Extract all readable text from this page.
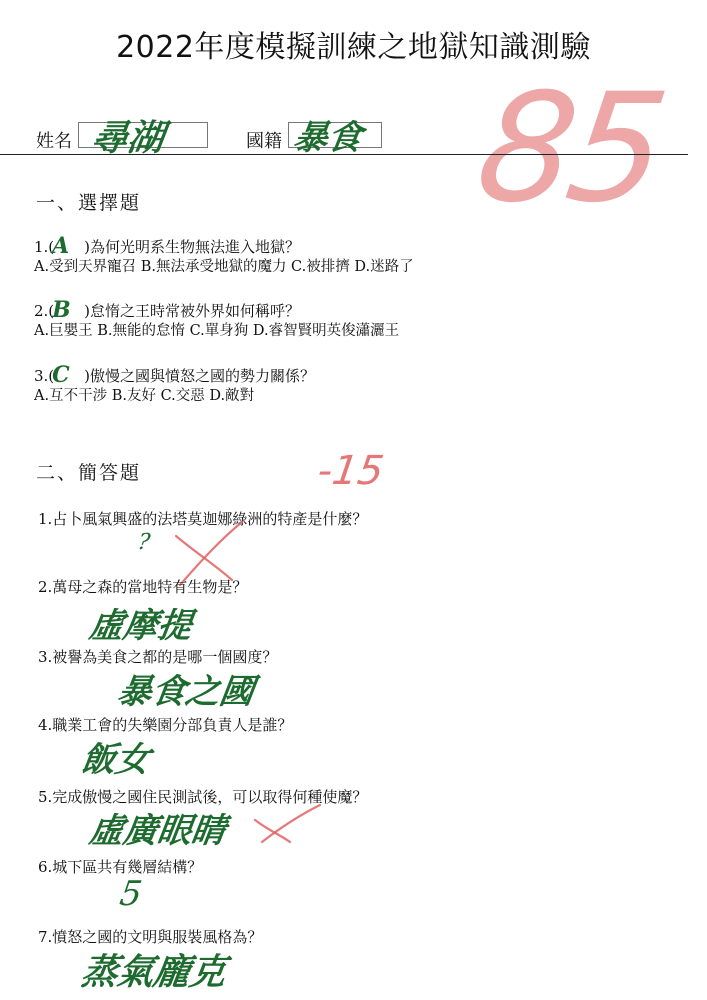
2022年度模擬訓練之地獄知識測驗
姓名 尋湖	國籍 暴食 85
一、選擇題
1.(A )為何光明系生物無法進入地獄？
A.受到天界寵召 B.無法承受地獄的魔力 C.被排擠 D.迷路了
2.(B )怠惰之王時常被外界如何稱呼？
A.巨嬰王 B.無能的怠惰 C.單身狗 D.睿智賢明英俊瀟灑王
3.(C )傲慢之國與憤怒之國的勢力關係？
A.互不干涉 B.友好 C.交惡 D.敵對
二、簡答題	-15
1.占卜風氣興盛的法塔莫迦娜綠洲的特產是什麼？
?
2.萬母之森的當地特有生物是？
虛摩提
3.被譽為美食之都的是哪一個國度？
暴食之國
4.職業工會的失樂園分部負責人是誰？
飯女
5.完成傲慢之國住民測試後，可以取得何種使魔？
虛廣眼睛
6.城下區共有幾層結構？
5
7.憤怒之國的文明與服裝風格為？
蒸氣龐克
